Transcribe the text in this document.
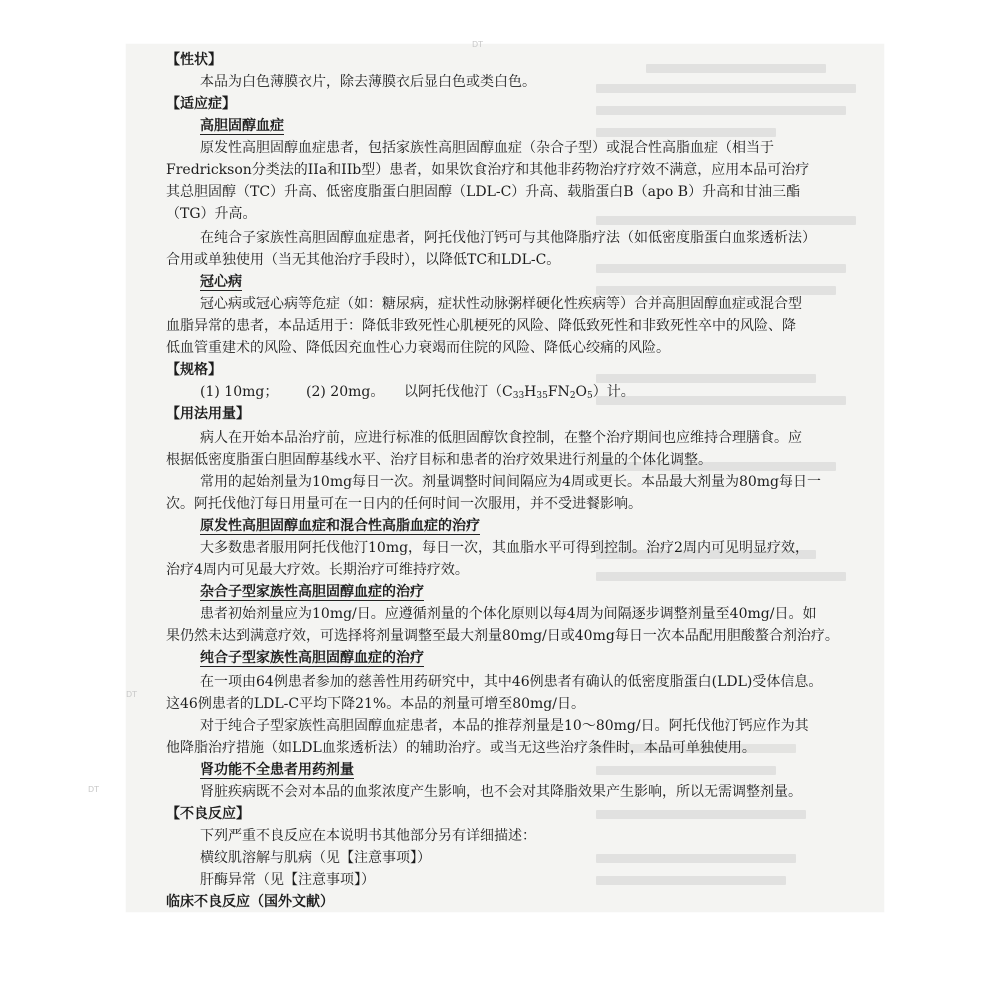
DT
DT
DT
【性状】
本品为白色薄膜衣片，除去薄膜衣后显白色或类白色。
【适应症】
高胆固醇血症
原发性高胆固醇血症患者，包括家族性高胆固醇血症（杂合子型）或混合性高脂血症（相当于
Fredrickson分类法的IIa和IIb型）患者，如果饮食治疗和其他非药物治疗疗效不满意，应用本品可治疗
其总胆固醇（TC）升高、低密度脂蛋白胆固醇（LDL-C）升高、载脂蛋白B（apo B）升高和甘油三酯
（TG）升高。
在纯合子家族性高胆固醇血症患者，阿托伐他汀钙可与其他降脂疗法（如低密度脂蛋白血浆透析法）
合用或单独使用（当无其他治疗手段时），以降低TC和LDL-C。
冠心病
冠心病或冠心病等危症（如：糖尿病，症状性动脉粥样硬化性疾病等）合并高胆固醇血症或混合型
血脂异常的患者，本品适用于：降低非致死性心肌梗死的风险、降低致死性和非致死性卒中的风险、降
低血管重建术的风险、降低因充血性心力衰竭而住院的风险、降低心绞痛的风险。
【规格】
(1) 10mg； (2) 20mg。 以阿托伐他汀$(C_{33}H_{35}FN_2O_5)$计。
【用法用量】
病人在开始本品治疗前，应进行标准的低胆固醇饮食控制，在整个治疗期间也应维持合理膳食。应
根据低密度脂蛋白胆固醇基线水平、治疗目标和患者的治疗效果进行剂量的个体化调整。
常用的起始剂量为10mg每日一次。剂量调整时间间隔应为4周或更长。本品最大剂量为80mg每日一
次。阿托伐他汀每日用量可在一日内的任何时间一次服用，并不受进餐影响。
原发性高胆固醇血症和混合性高脂血症的治疗
大多数患者服用阿托伐他汀10mg，每日一次，其血脂水平可得到控制。治疗2周内可见明显疗效，
治疗4周内可见最大疗效。长期治疗可维持疗效。
杂合子型家族性高胆固醇血症的治疗
患者初始剂量应为10mg/日。应遵循剂量的个体化原则以每4周为间隔逐步调整剂量至40mg/日。如
果仍然未达到满意疗效，可选择将剂量调整至最大剂量80mg/日或40mg每日一次本品配用胆酸螯合剂治疗。
纯合子型家族性高胆固醇血症的治疗
在一项由64例患者参加的慈善性用药研究中，其中46例患者有确认的低密度脂蛋白(LDL)受体信息。
这46例患者的LDL-C平均下降21%。本品的剂量可增至80mg/日。
对于纯合子型家族性高胆固醇血症患者，本品的推荐剂量是10～80mg/日。阿托伐他汀钙应作为其
他降脂治疗措施（如LDL血浆透析法）的辅助治疗。或当无这些治疗条件时，本品可单独使用。
肾功能不全患者用药剂量
肾脏疾病既不会对本品的血浆浓度产生影响，也不会对其降脂效果产生影响，所以无需调整剂量。
【不良反应】
下列严重不良反应在本说明书其他部分另有详细描述：
横纹肌溶解与肌病（见【注意事项】）
肝酶异常（见【注意事项】）
临床不良反应（国外文献）
